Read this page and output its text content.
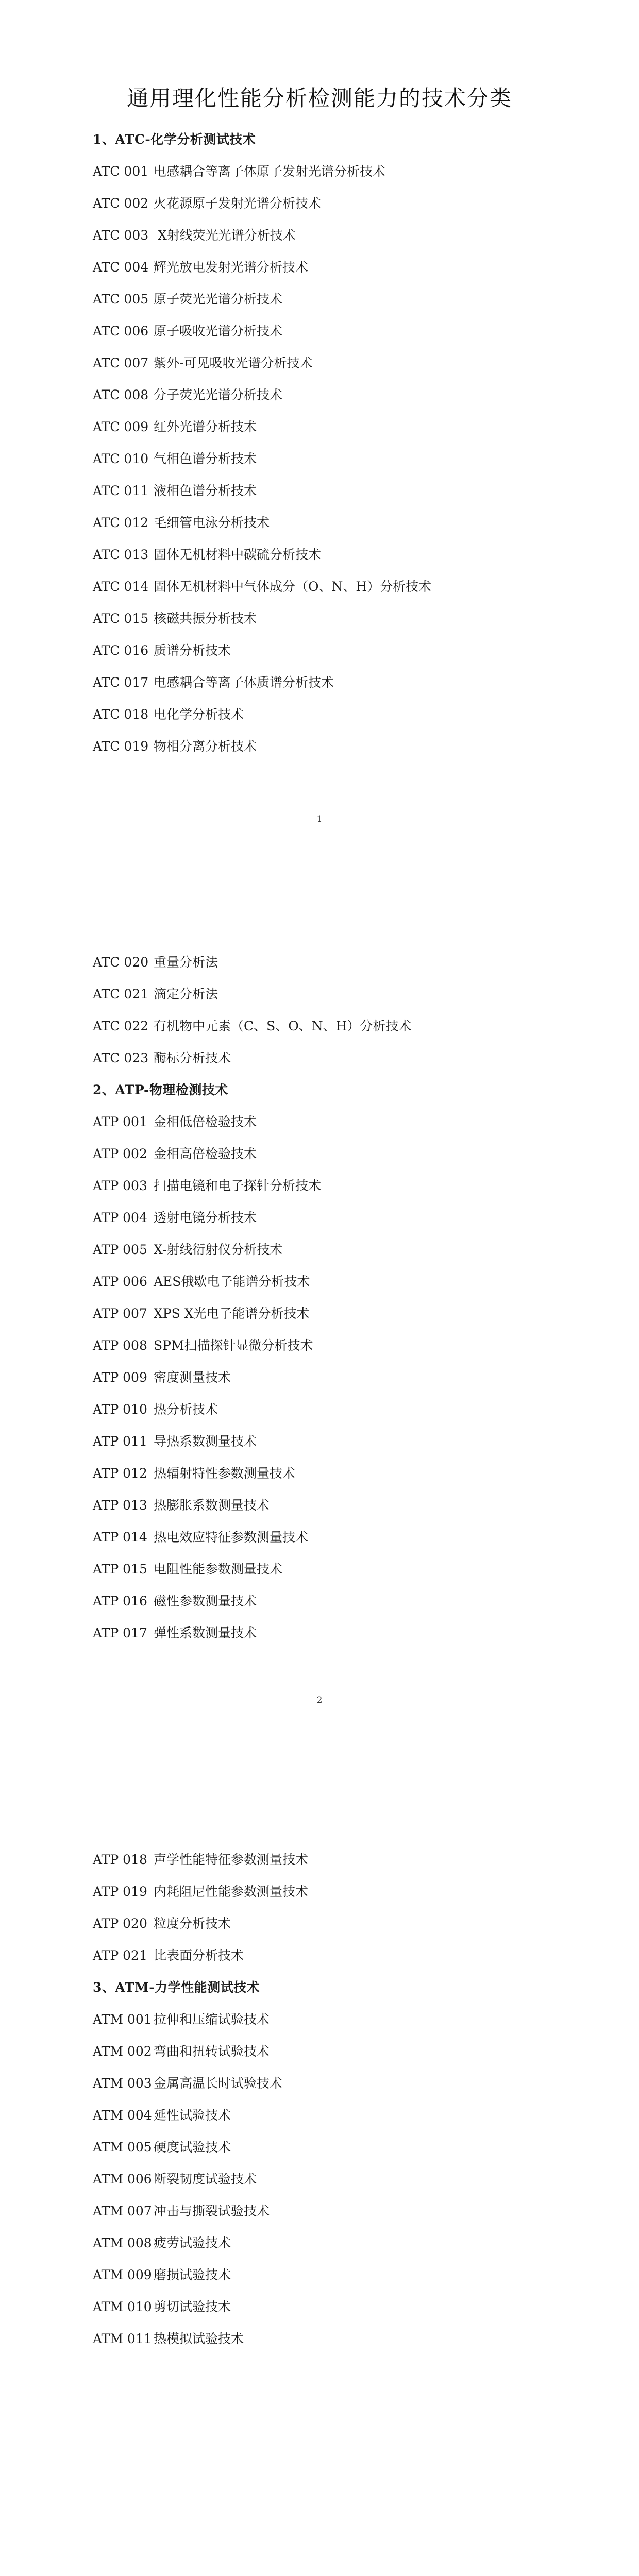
通用理化性能分析检测能力的技术分类
1、ATC-化学分析测试技术
ATC 001 电感耦合等离子体原子发射光谱分析技术
ATC 002 火花源原子发射光谱分析技术
ATC 003 X射线荧光光谱分析技术
ATC 004 辉光放电发射光谱分析技术
ATC 005 原子荧光光谱分析技术
ATC 006 原子吸收光谱分析技术
ATC 007 紫外-可见吸收光谱分析技术
ATC 008 分子荧光光谱分析技术
ATC 009 红外光谱分析技术
ATC 010 气相色谱分析技术
ATC 011 液相色谱分析技术
ATC 012 毛细管电泳分析技术
ATC 013 固体无机材料中碳硫分析技术
ATC 014 固体无机材料中气体成分（O、N、H）分析技术
ATC 015 核磁共振分析技术
ATC 016 质谱分析技术
ATC 017 电感耦合等离子体质谱分析技术
ATC 018 电化学分析技术
ATC 019 物相分离分析技术
1
ATC 020 重量分析法
ATC 021 滴定分析法
ATC 022 有机物中元素（C、S、O、N、H）分析技术
ATC 023 酶标分析技术
2、ATP-物理检测技术
ATP 001 金相低倍检验技术
ATP 002 金相高倍检验技术
ATP 003 扫描电镜和电子探针分析技术
ATP 004 透射电镜分析技术
ATP 005 X-射线衍射仪分析技术
ATP 006 AES俄歇电子能谱分析技术
ATP 007 XPS X光电子能谱分析技术
ATP 008 SPM扫描探针显微分析技术
ATP 009 密度测量技术
ATP 010 热分析技术
ATP 011 导热系数测量技术
ATP 012 热辐射特性参数测量技术
ATP 013 热膨胀系数测量技术
ATP 014 热电效应特征参数测量技术
ATP 015 电阻性能参数测量技术
ATP 016 磁性参数测量技术
ATP 017 弹性系数测量技术
2
ATP 018 声学性能特征参数测量技术
ATP 019 内耗阻尼性能参数测量技术
ATP 020 粒度分析技术
ATP 021 比表面分析技术
3、ATM-力学性能测试技术
ATM 001 拉伸和压缩试验技术
ATM 002 弯曲和扭转试验技术
ATM 003 金属高温长时试验技术
ATM 004 延性试验技术
ATM 005 硬度试验技术
ATM 006 断裂韧度试验技术
ATM 007 冲击与撕裂试验技术
ATM 008 疲劳试验技术
ATM 009 磨损试验技术
ATM 010 剪切试验技术
ATM 011 热模拟试验技术
